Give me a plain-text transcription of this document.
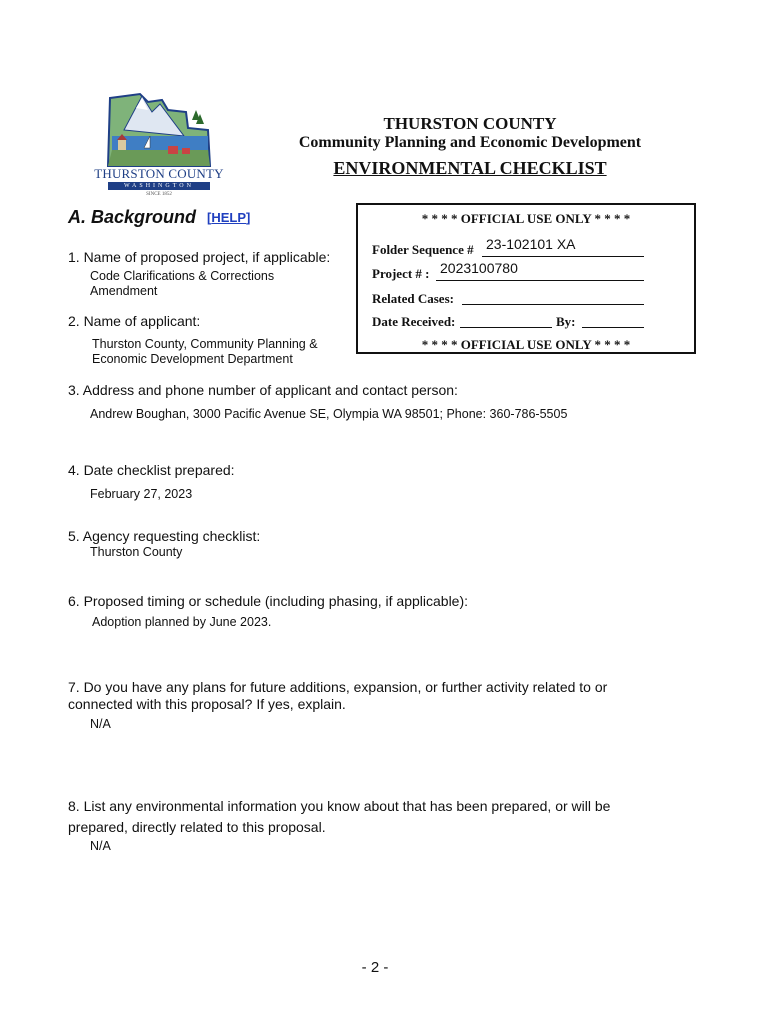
THURSTON COUNTY
WASHINGTON
SINCE 1852
THURSTON COUNTY
Community Planning and Economic Development
ENVIRONMENTAL CHECKLIST
A. Background [HELP]	* * * * OFFICIAL USE ONLY * * * *
Folder Sequence # 23-102101 XA
Project # : 2023100780
Related Cases:
Date Received:	By:
* * * * OFFICIAL USE ONLY * * * *
1. Name of proposed project, if applicable:
Code Clarifications & Corrections
Amendment
2. Name of applicant:
Thurston County, Community Planning &
Economic Development Department
3. Address and phone number of applicant and contact person:
Andrew Boughan, 3000 Pacific Avenue SE, Olympia WA 98501; Phone: 360-786-5505
4. Date checklist prepared:
February 27, 2023
5. Agency requesting checklist:
Thurston County
6. Proposed timing or schedule (including phasing, if applicable):
Adoption planned by June 2023.
7. Do you have any plans for future additions, expansion, or further activity related to or
connected with this proposal? If yes, explain.
N/A
8. List any environmental information you know about that has been prepared, or will be
prepared, directly related to this proposal.
N/A
- 2 -
